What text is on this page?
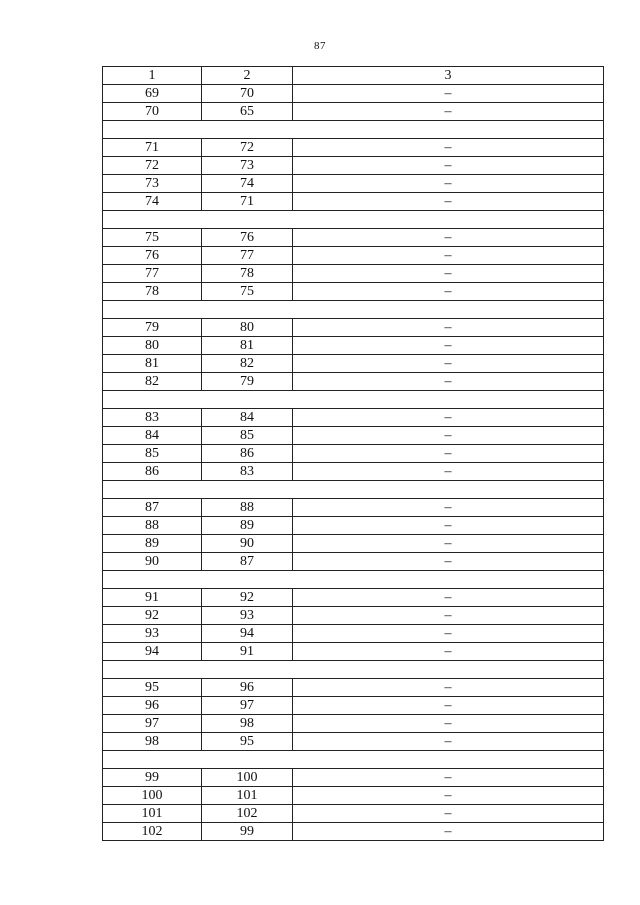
87
1	2	3
69	70	–
70	65	–

71	72	–
72	73	–
73	74	–
74	71	–

75	76	–
76	77	–
77	78	–
78	75	–

79	80	–
80	81	–
81	82	–
82	79	–

83	84	–
84	85	–
85	86	–
86	83	–

87	88	–
88	89	–
89	90	–
90	87	–

91	92	–
92	93	–
93	94	–
94	91	–

95	96	–
96	97	–
97	98	–
98	95	–

99	100	–
100	101	–
101	102	–
102	99	–
